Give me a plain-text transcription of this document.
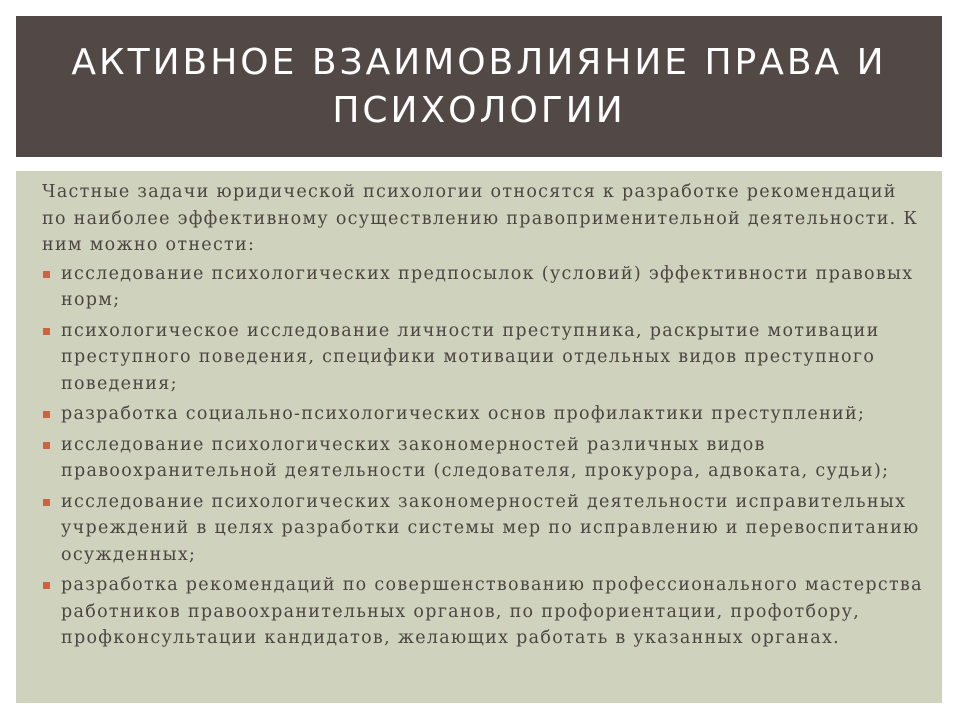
АКТИВНОЕ ВЗАИМОВЛИЯНИЕ ПРАВА И ПСИХОЛОГИИ

Частные задачи юридической психологии относятся к разработке рекомендаций по наиболее эффективному осуществлению правоприменительной деятельности. К ним можно отнести:

исследование психологических предпосылок (условий) эффективности правовых норм;
психологическое исследование личности преступника, раскрытие мотивации преступного поведения, специфики мотивации отдельных видов преступного поведения;
разработка социально-психологических основ профилактики преступлений;
исследование психологических закономерностей различных видов правоохранительной деятельности (следователя, прокурора, адвоката, судьи);
исследование психологических закономерностей деятельности исправительных учреждений в целях разработки системы мер по исправлению и перевоспитанию осужденных;
разработка рекомендаций по совершенствованию профессионального мастерства работников правоохранительных органов, по профориентации, профотбору, профконсультации кандидатов, желающих работать в указанных органах.
